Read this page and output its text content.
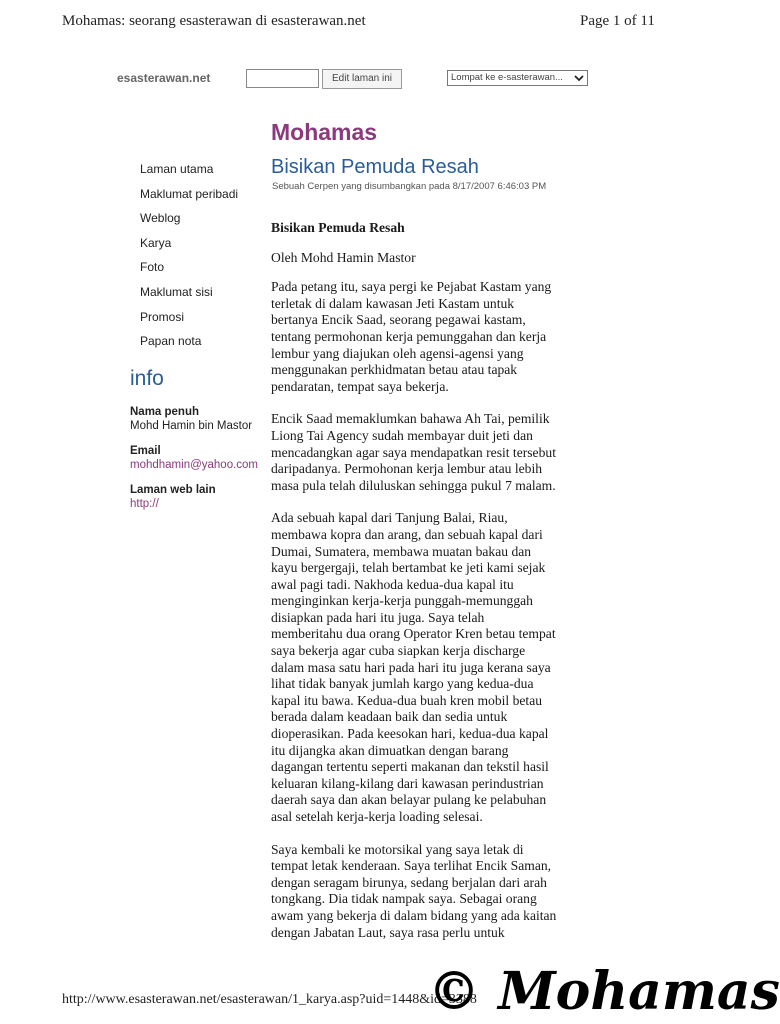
Mohamas: seorang esasterawan di esasterawan.net	Page 1 of 11
esasterawan.net	Edit laman ini	Lompat ke e-sasterawan...
Mohamas
Laman utama
Maklumat peribadi
Weblog
Karya
Foto
Maklumat sisi
Promosi
Papan nota
info
Nama penuh
Mohd Hamin bin Mastor
Email
mohdhamin@yahoo.com
Laman web lain
http://
Bisikan Pemuda Resah
Sebuah Cerpen yang disumbangkan pada 8/17/2007 6:46:03 PM
Bisikan Pemuda Resah
Oleh Mohd Hamin Mastor

Pada petang itu, saya pergi ke Pejabat Kastam yang
terletak di dalam kawasan Jeti Kastam untuk
bertanya Encik Saad, seorang pegawai kastam,
tentang permohonan kerja pemunggahan dan kerja
lembur yang diajukan oleh agensi-agensi yang
menggunakan perkhidmatan betau atau tapak
pendaratan, tempat saya bekerja.

Encik Saad memaklumkan bahawa Ah Tai, pemilik
Liong Tai Agency sudah membayar duit jeti dan
mencadangkan agar saya mendapatkan resit tersebut
daripadanya. Permohonan kerja lembur atau lebih
masa pula telah diluluskan sehingga pukul 7 malam.

Ada sebuah kapal dari Tanjung Balai, Riau,
membawa kopra dan arang, dan sebuah kapal dari
Dumai, Sumatera, membawa muatan bakau dan
kayu bergergaji, telah bertambat ke jeti kami sejak
awal pagi tadi. Nakhoda kedua-dua kapal itu
menginginkan kerja-kerja punggah-memunggah
disiapkan pada hari itu juga. Saya telah
memberitahu dua orang Operator Kren betau tempat
saya bekerja agar cuba siapkan kerja discharge
dalam masa satu hari pada hari itu juga kerana saya
lihat tidak banyak jumlah kargo yang kedua-dua
kapal itu bawa. Kedua-dua buah kren mobil betau
berada dalam keadaan baik dan sedia untuk
dioperasikan. Pada keesokan hari, kedua-dua kapal
itu dijangka akan dimuatkan dengan barang
dagangan tertentu seperti makanan dan tekstil hasil
keluaran kilang-kilang dari kawasan perindustrian
daerah saya dan akan belayar pulang ke pelabuhan
asal setelah kerja-kerja loading selesai.

Saya kembali ke motorsikal yang saya letak di
tempat letak kenderaan. Saya terlihat Encik Saman,
dengan seragam birunya, sedang berjalan dari arah
tongkang. Dia tidak nampak saya. Sebagai orang
awam yang bekerja di dalam bidang yang ada kaitan
dengan Jabatan Laut, saya rasa perlu untuk

http://www.esasterawan.net/esasterawan/1_karya.asp?uid=1448&id=3388
© Mohamas
